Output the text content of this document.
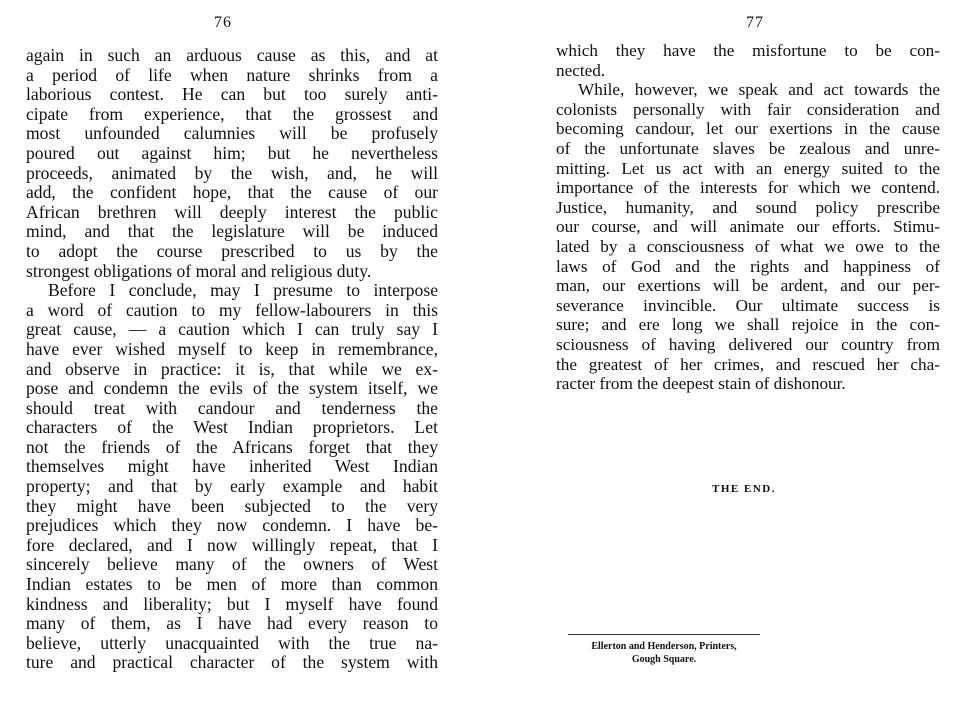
76
again in such an arduous cause as this, and at
a period of life when nature shrinks from a
laborious contest. He can but too surely anti-
cipate from experience, that the grossest and
most unfounded calumnies will be profusely
poured out against him; but he nevertheless
proceeds, animated by the wish, and, he will
add, the confident hope, that the cause of our
African brethren will deeply interest the public
mind, and that the legislature will be induced
to adopt the course prescribed to us by the
strongest obligations of moral and religious duty.
Before I conclude, may I presume to interpose
a word of caution to my fellow-labourers in this
great cause, — a caution which I can truly say I
have ever wished myself to keep in remembrance,
and observe in practice: it is, that while we ex-
pose and condemn the evils of the system itself, we
should treat with candour and tenderness the
characters of the West Indian proprietors. Let
not the friends of the Africans forget that they
themselves might have inherited West Indian
property; and that by early example and habit
they might have been subjected to the very
prejudices which they now condemn. I have be-
fore declared, and I now willingly repeat, that I
sincerely believe many of the owners of West
Indian estates to be men of more than common
kindness and liberality; but I myself have found
many of them, as I have had every reason to
believe, utterly unacquainted with the true na-
ture and practical character of the system with
77
which they have the misfortune to be con-
nected.
While, however, we speak and act towards the
colonists personally with fair consideration and
becoming candour, let our exertions in the cause
of the unfortunate slaves be zealous and unre-
mitting. Let us act with an energy suited to the
importance of the interests for which we contend.
Justice, humanity, and sound policy prescribe
our course, and will animate our efforts. Stimu-
lated by a consciousness of what we owe to the
laws of God and the rights and happiness of
man, our exertions will be ardent, and our per-
severance invincible. Our ultimate success is
sure; and ere long we shall rejoice in the con-
sciousness of having delivered our country from
the greatest of her crimes, and rescued her cha-
racter from the deepest stain of dishonour.
THE END.
Ellerton and Henderson, Printers,
Gough Square.
